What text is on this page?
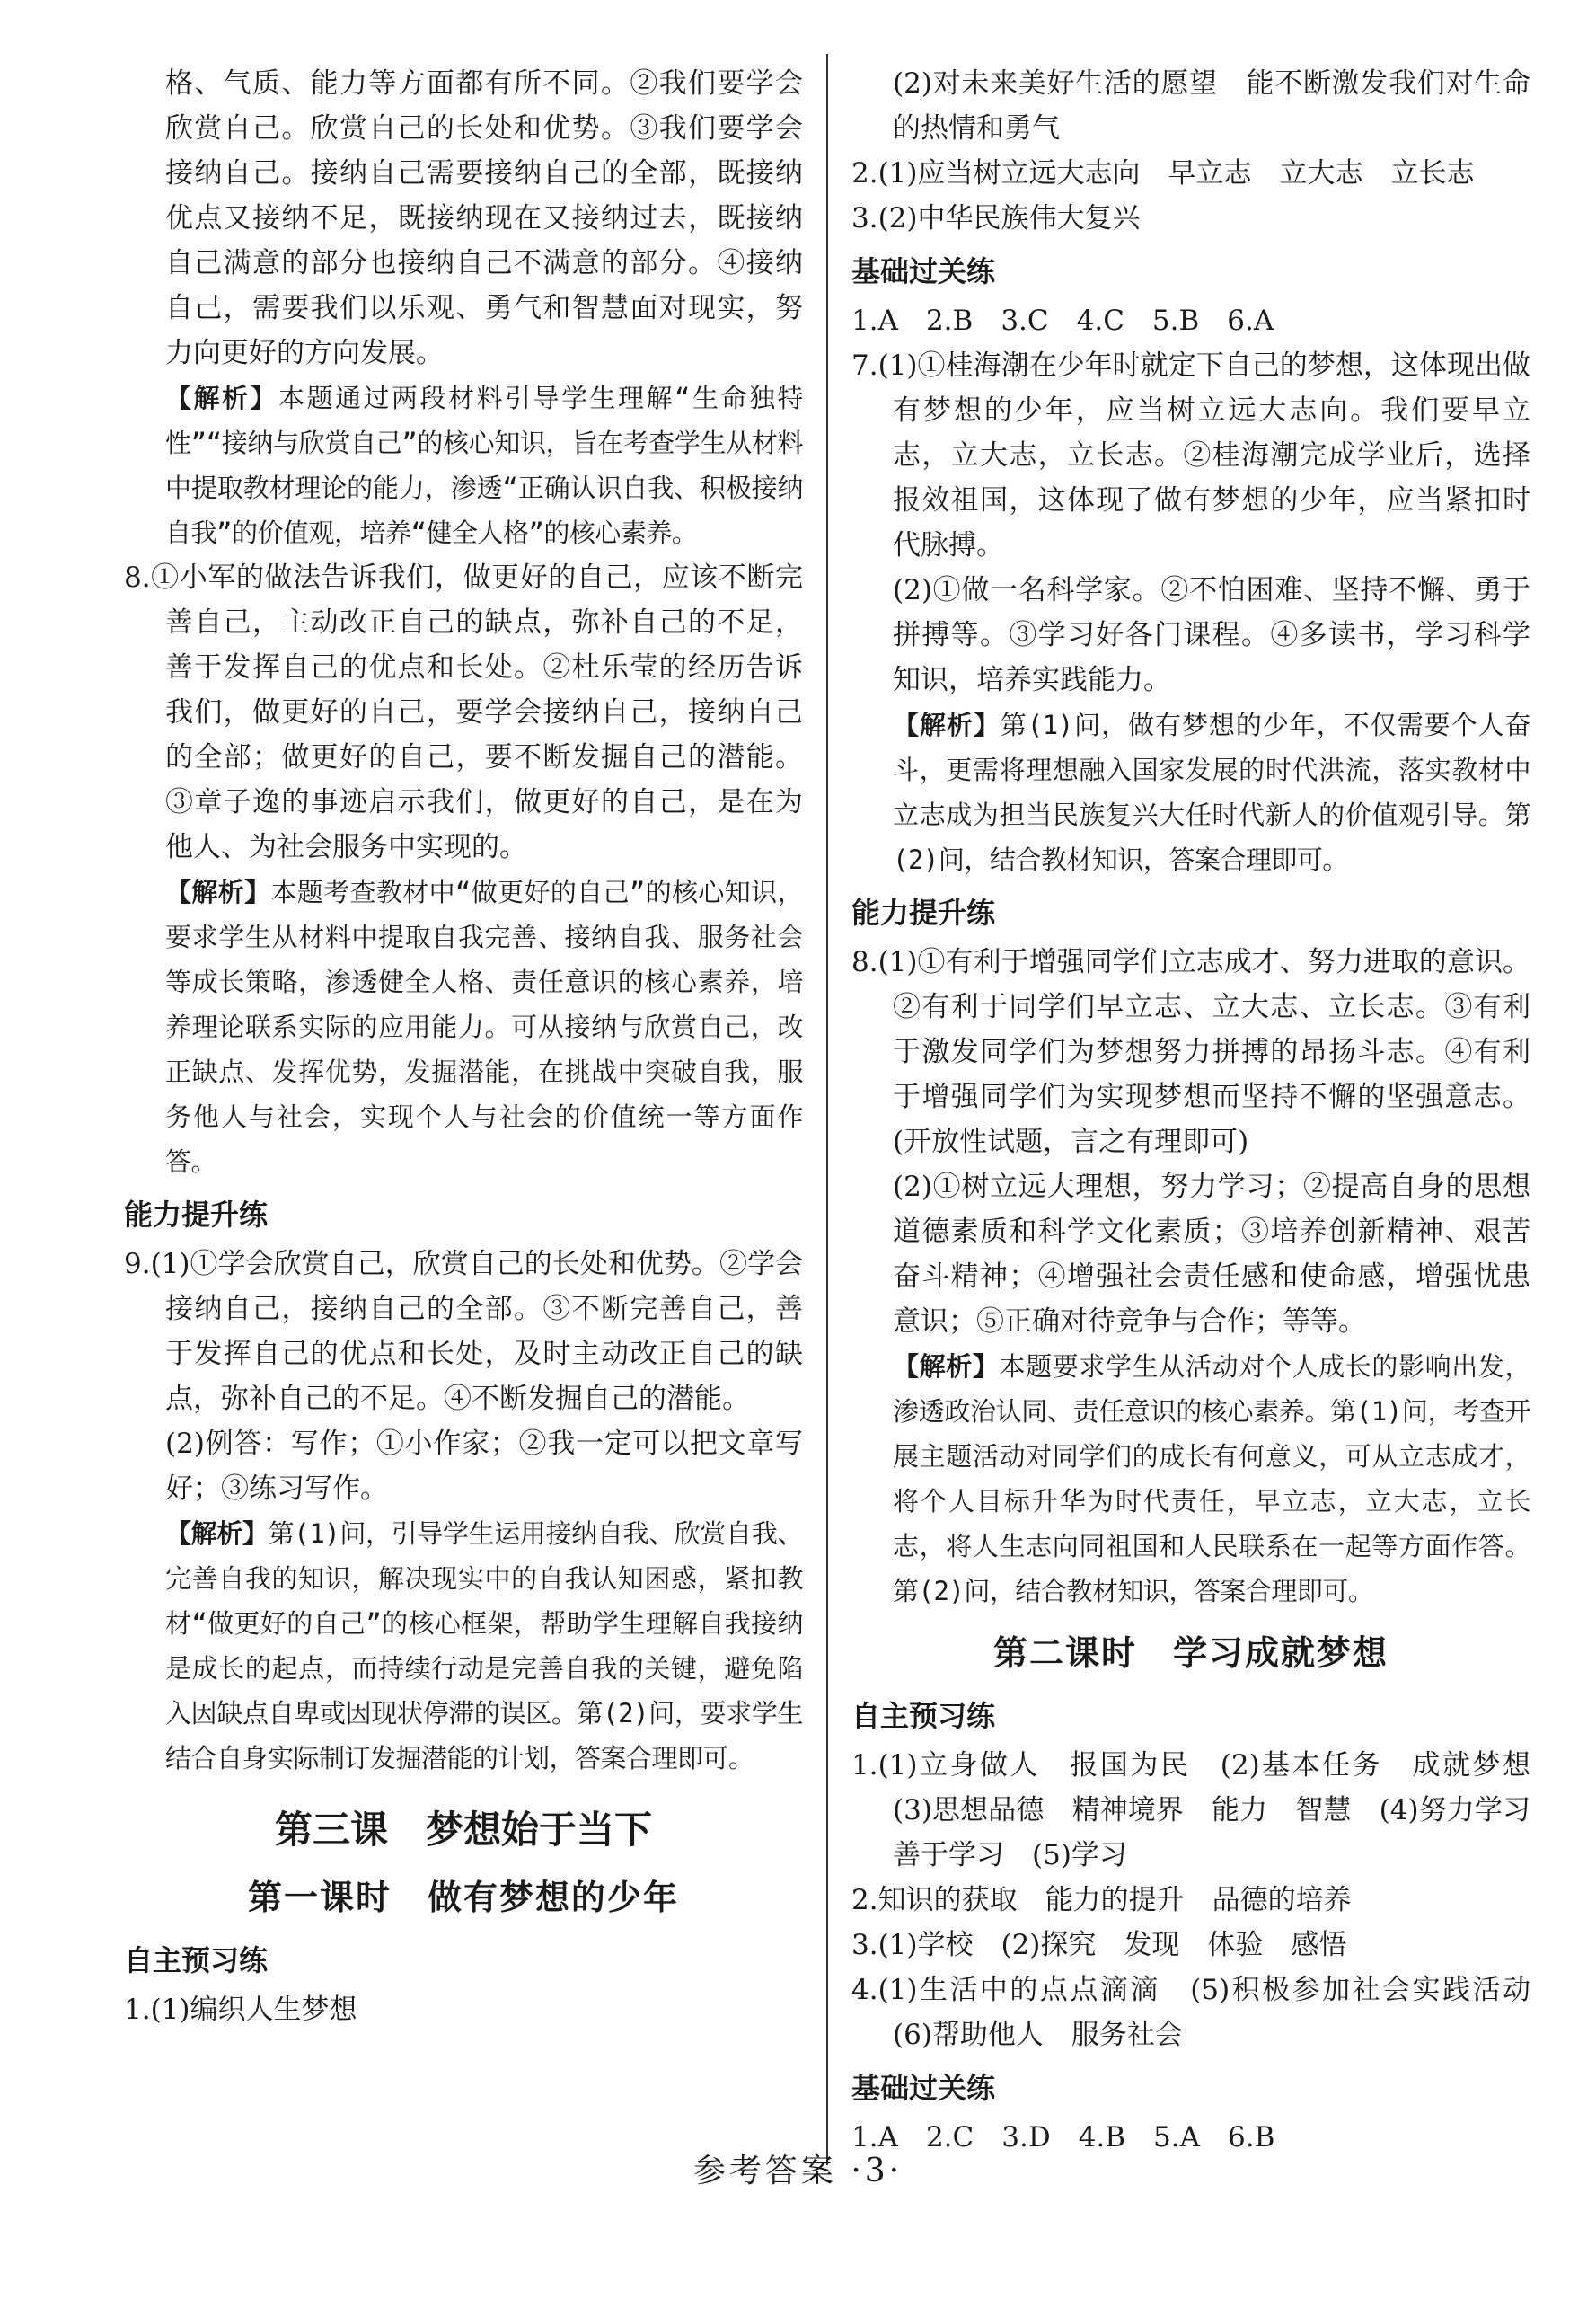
格、气质、能力等方面都有所不同。②我们要学会欣赏自己。欣赏自己的长处和优势。③我们要学会接纳自己。接纳自己需要接纳自己的全部，既接纳优点又接纳不足，既接纳现在又接纳过去，既接纳自己满意的部分也接纳自己不满意的部分。④接纳自己，需要我们以乐观、勇气和智慧面对现实，努力向更好的方向发展。

【解析】本题通过两段材料引导学生理解“生命独特性”“接纳与欣赏自己”的核心知识，旨在考查学生从材料中提取教材理论的能力，渗透“正确认识自我、积极接纳自我”的价值观，培养“健全人格”的核心素养。

8.①小军的做法告诉我们，做更好的自己，应该不断完善自己，主动改正自己的缺点，弥补自己的不足，善于发挥自己的优点和长处。②杜乐莹的经历告诉我们，做更好的自己，要学会接纳自己，接纳自己的全部；做更好的自己，要不断发掘自己的潜能。③章子逸的事迹启示我们，做更好的自己，是在为他人、为社会服务中实现的。

【解析】本题考查教材中“做更好的自己”的核心知识，要求学生从材料中提取自我完善、接纳自我、服务社会等成长策略，渗透健全人格、责任意识的核心素养，培养理论联系实际的应用能力。可从接纳与欣赏自己，改正缺点、发挥优势，发掘潜能，在挑战中突破自我，服务他人与社会，实现个人与社会的价值统一等方面作答。

能力提升练

9.(1)①学会欣赏自己，欣赏自己的长处和优势。②学会接纳自己，接纳自己的全部。③不断完善自己，善于发挥自己的优点和长处，及时主动改正自己的缺点，弥补自己的不足。④不断发掘自己的潜能。

(2)例答：写作；①小作家；②我一定可以把文章写好；③练习写作。

【解析】第(1)问，引导学生运用接纳自我、欣赏自我、完善自我的知识，解决现实中的自我认知困惑，紧扣教材“做更好的自己”的核心框架，帮助学生理解自我接纳是成长的起点，而持续行动是完善自我的关键，避免陷入因缺点自卑或因现状停滞的误区。第(2)问，要求学生结合自身实际制订发掘潜能的计划，答案合理即可。

第三课　梦想始于当下
第一课时　做有梦想的少年
自主预习练

1.(1)编织人生梦想

(2)对未来美好生活的愿望　能不断激发我们对生命的热情和勇气

2.(1)应当树立远大志向　早立志　立大志　立长志

3.(2)中华民族伟大复兴

基础过关练

1.A　2.B　3.C　4.C　5.B　6.A

7.(1)①桂海潮在少年时就定下自己的梦想，这体现出做有梦想的少年，应当树立远大志向。我们要早立志，立大志，立长志。②桂海潮完成学业后，选择报效祖国，这体现了做有梦想的少年，应当紧扣时代脉搏。

(2)①做一名科学家。②不怕困难、坚持不懈、勇于拼搏等。③学习好各门课程。④多读书，学习科学知识，培养实践能力。

【解析】第(1)问，做有梦想的少年，不仅需要个人奋斗，更需将理想融入国家发展的时代洪流，落实教材中立志成为担当民族复兴大任时代新人的价值观引导。第(2)问，结合教材知识，答案合理即可。

能力提升练

8.(1)①有利于增强同学们立志成才、努力进取的意识。②有利于同学们早立志、立大志、立长志。③有利于激发同学们为梦想努力拼搏的昂扬斗志。④有利于增强同学们为实现梦想而坚持不懈的坚强意志。(开放性试题，言之有理即可)

(2)①树立远大理想，努力学习；②提高自身的思想道德素质和科学文化素质；③培养创新精神、艰苦奋斗精神；④增强社会责任感和使命感，增强忧患意识；⑤正确对待竞争与合作；等等。

【解析】本题要求学生从活动对个人成长的影响出发，渗透政治认同、责任意识的核心素养。第(1)问，考查开展主题活动对同学们的成长有何意义，可从立志成才，将个人目标升华为时代责任，早立志，立大志，立长志，将人生志向同祖国和人民联系在一起等方面作答。第(2)问，结合教材知识，答案合理即可。

第二课时　学习成就梦想
自主预习练

1.(1)立身做人　报国为民　(2)基本任务　成就梦想　(3)思想品德　精神境界　能力　智慧　(4)努力学习　善于学习　(5)学习

2.知识的获取　能力的提升　品德的培养

3.(1)学校　(2)探究　发现　体验　感悟

4.(1)生活中的点点滴滴　(5)积极参加社会实践活动　(6)帮助他人　服务社会

基础过关练

1.A　2.C　3.D　4.B　5.A　6.B

参考答案 ·3·
